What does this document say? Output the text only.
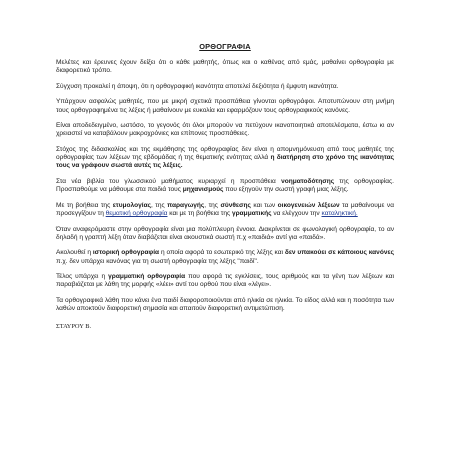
ΟΡΘΟΓΡΑΦΙΑ

Μελέτες και έρευνες έχουν δείξει ότι ο κάθε μαθητής, όπως και ο καθένας από εμάς, μαθαίνει ορθογραφία με διαφορετικό τρόπο.

Σύγχυση προκαλεί η άποψη, ότι η ορθογραφική ικανότητα αποτελεί δεξιότητα ή έμφυτη ικανότητα.

Υπάρχουν ασφαλώς μαθητές, που με μικρή σχετικά προσπάθεια γίνονται ορθογράφοι. Αποτυπώνουν στη μνήμη τους ορθογραφημένα τις λέξεις ή μαθαίνουν με ευκολία και εφαρμόζουν τους ορθογραφικούς κανόνες.

Είναι αποδεδειγμένο, ωστόσο, το γεγονός ότι όλοι μπορούν να πετύχουν ικανοποιητικά αποτελέσματα, έστω κι αν χρειαστεί να καταβάλουν μακροχρόνιες και επίπονες προσπάθειες.

Στόχος της διδασκαλίας και της εκμάθησης της ορθογραφίας δεν είναι η απομνημόνευση από τους μαθητές της ορθογραφίας των λέξεων της εβδομάδας ή της θεματικής ενότητας αλλά η διατήρηση στο χρόνο της ικανότητας τους να γράφουν σωστά αυτές τις λέξεις.

Στα νέα βιβλία του γλωσσικού μαθήματος κυριαρχεί η προσπάθεια νοηματοδότησης της ορθογραφίας. Προσπαθούμε να μάθουμε στα παιδιά τους μηχανισμούς που εξηγούν την σωστή γραφή μιας λέξης.

Με τη βοήθεια της ετυμολογίας, της παραγωγής, της σύνθεσης και των οικογενειών λέξεων τα μαθαίνουμε να προσεγγίζουν τη θεματική ορθογραφία και με τη βοήθεια της γραμματικής να ελέγχουν την καταληκτική.

Όταν αναφερόμαστε στην ορθογραφία είναι μια πολύπλευρη έννοια. Διακρίνεται σε φωνολογική ορθογραφία, το αν δηλαδή η γραπτή λέξη όταν διαβάζεται είναι ακουστικά σωστή π.χ «παιδιά» αντί για «παιδά».

Ακολουθεί η ιστορική ορθογραφία η οποία αφορά το εσωτερικό της λέξης και δεν υπακούει σε κάποιους κανόνες π.χ. δεν υπάρχει κανόνας για τη σωστή ορθογραφία της λέξης "παιδί".

Τέλος υπάρχει η γραμματική ορθογραφία που αφορά τις εγκλίσεις, τους αριθμούς και τα γένη των λέξεων και παραβιάζεται με λάθη της μορφής «λέει» αντί του ορθού που είναι «λέγει».

Τα ορθογραφικά λάθη που κάνει ένα παιδί διαφοροποιούνται από ηλικία σε ηλικία. Το είδος αλλά και η ποσότητα των λαθών αποκτούν διαφορετική σημασία και απαιτούν διαφορετική αντιμετώπιση.

ΣΤΑΥΡΟΥ Β.
